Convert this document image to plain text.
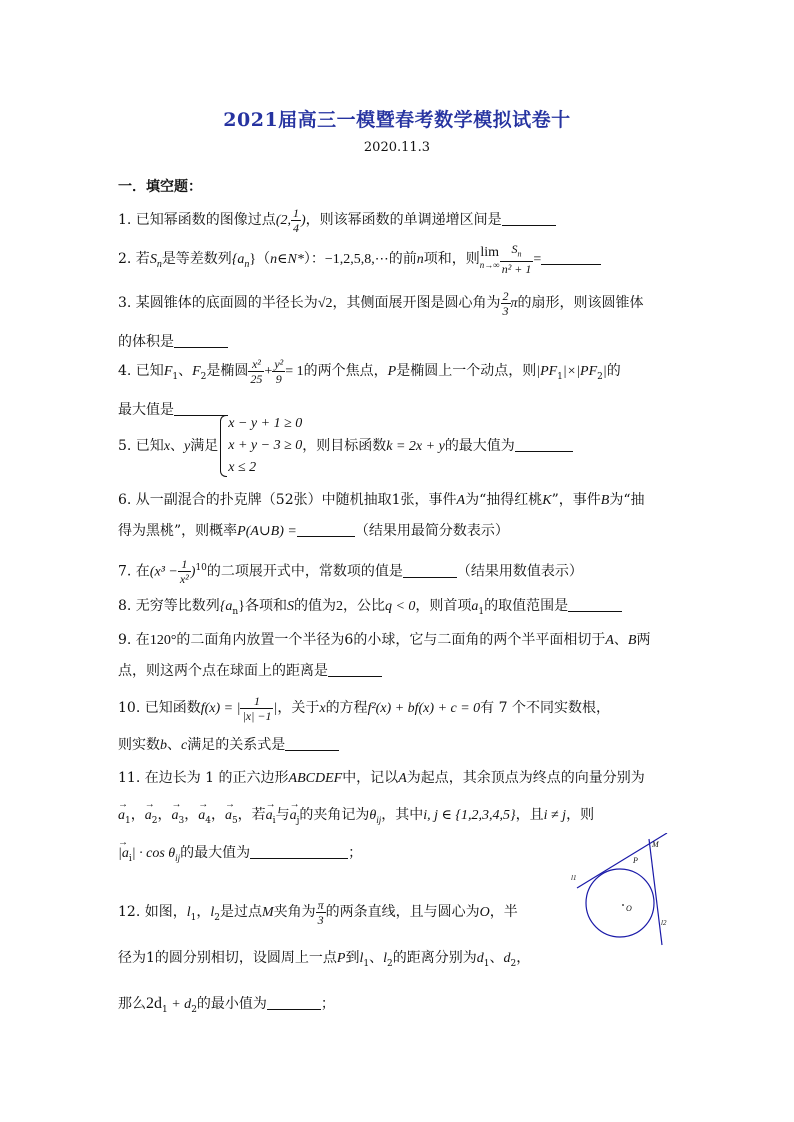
2021届高三一模暨春考数学模拟试卷十
2020.11.3
一．填空题：
1. 已知幂函数的图像过点(2, $\frac{1}{4}$ )，则该幂函数的单调递增区间是
2. 若$S_n$是等差数列$\{a_n\}(n\in N*)$：−1,2,5,8,⋯的前n项和，则 lim
$n\to\infty \frac{S_n}{\text{n² + 1}}$ =
3. 某圆锥体的底面圆的半径长为√2，其侧面展开图是圆心角为 $\frac{2}{3}$ π的扇形，则该圆锥体
的体积是
4. 已知$F_1$、$F_2$是椭圆 $\frac{\text{x²}}{25} + \frac{\text{y²}}{9} = 1$的两个焦点，P是椭圆上一个动点，则$|PF_1|\times|PF_2|$的
最大值是
5. 已知x、y满足
x − y + 1 ≥ 0
x + y − 3 ≥ 0
x ≤ 2
，则目标函数k = 2x + y的最大值为
6. 从一副混合的扑克牌（52张）中随机抽取1张，事件A为“抽得红桃K”，事件B为“抽
得为黑桃”，则概率P(A∪B) =	（结果用最简分数表示）
7. 在$(x^3 - \frac{1}{\text{x²}} )^{10}$的二项展开式中，常数项的值是	（结果用数值表示）
8. 无穷等比数列$\{a_n\}$各项和S的值为2，公比q < 0，则首项$a_1$的取值范围是
9. 在120°的二面角内放置一个半径为6的小球，它与二面角的两个半平面相切于A、B两
点，则这两个点在球面上的距离是
10. 已知函数f(x) = | $\frac{1}{|x| -1}$ |，关于x的方程f²(x) + bf(x) + c = 0有 7 个不同实数根，
则实数b、c满足的关系式是
11. 在边长为 1 的正六边形ABCDEF中，记以A为起点，其余顶点为终点的向量分别为
→ $a_1$，→ $a_2$，→ $a_3$，→ $a_4$，→ $a_5$，若→ $a_i$与→ $a_j$的夹角记为$\theta_{ij}$，其中i, j ∈ {1,2,3,4,5}，且i ≠ j，则
→ $|a_i| \cdot \cos \theta_{ij}$的最大值为	；
12. 如图，$l_1$，$l_2$是过点M夹角为 $\frac{\pi}{3}$ 的两条直线，且与圆心为O，半
径为1的圆分别相切，设圆周上一点P到$l_1$、$l_2$的距离分别为$d_1$、$d_2$，
那么$2d_1 + d_2$的最小值为	；
M
P
l1
l2
O
